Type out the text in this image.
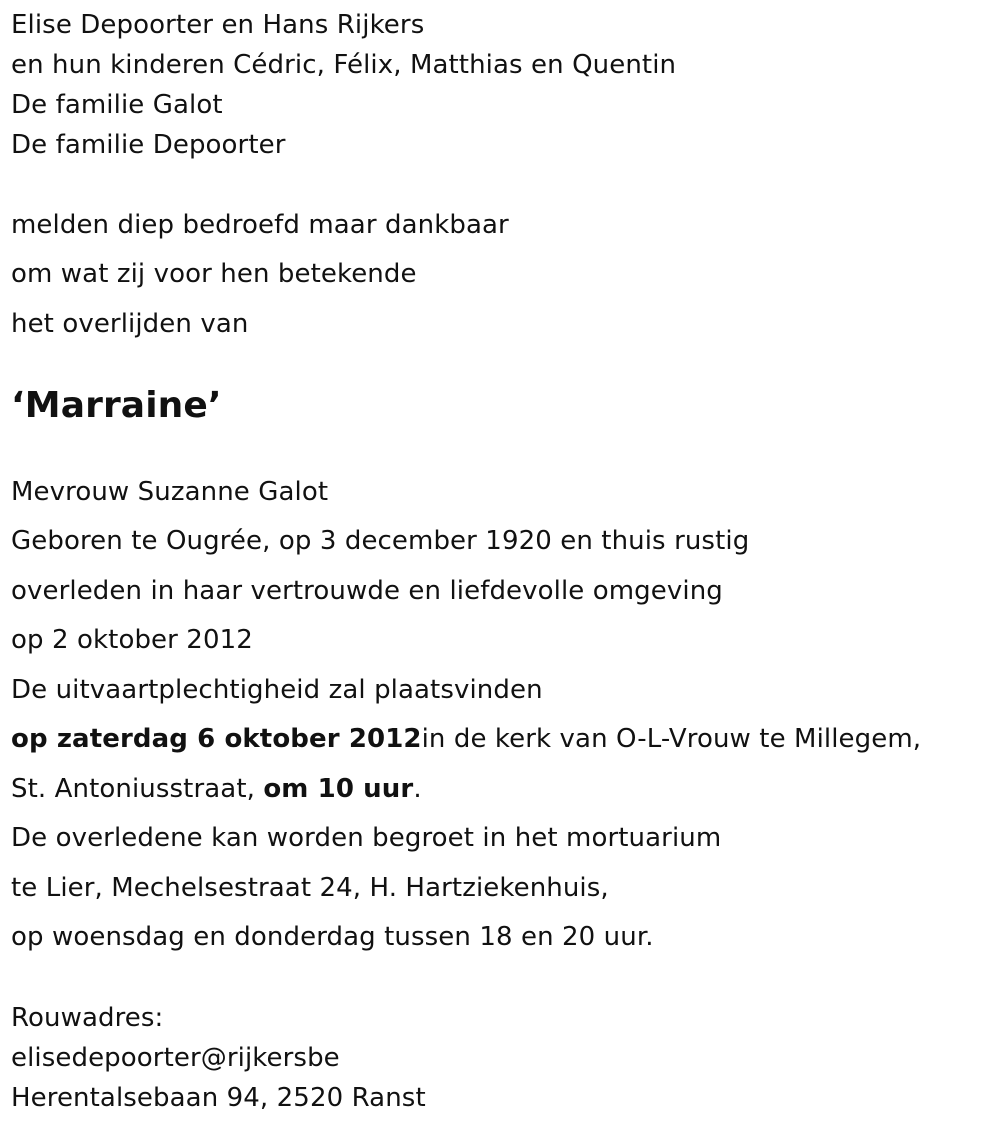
Elise Depoorter en Hans Rijkers

en hun kinderen Cédric, Félix, Matthias en Quentin

De familie Galot

De familie Depoorter

melden diep bedroefd maar dankbaar

om wat zij voor hen betekende

het overlijden van

‘Marraine’

Mevrouw Suzanne Galot

Geboren te Ougrée, op 3 december 1920 en thuis rustig

overleden in haar vertrouwde en liefdevolle omgeving

op 2 oktober 2012

De uitvaartplechtigheid zal plaatsvinden

op zaterdag 6 oktober 2012in de kerk van O-L-Vrouw te Millegem,

St. Antoniusstraat, om 10 uur.

De overledene kan worden begroet in het mortuarium

te Lier, Mechelsestraat 24, H. Hartziekenhuis,

op woensdag en donderdag tussen 18 en 20 uur.

Rouwadres:

elisedepoorter@rijkersbe

Herentalsebaan 94, 2520 Ranst
